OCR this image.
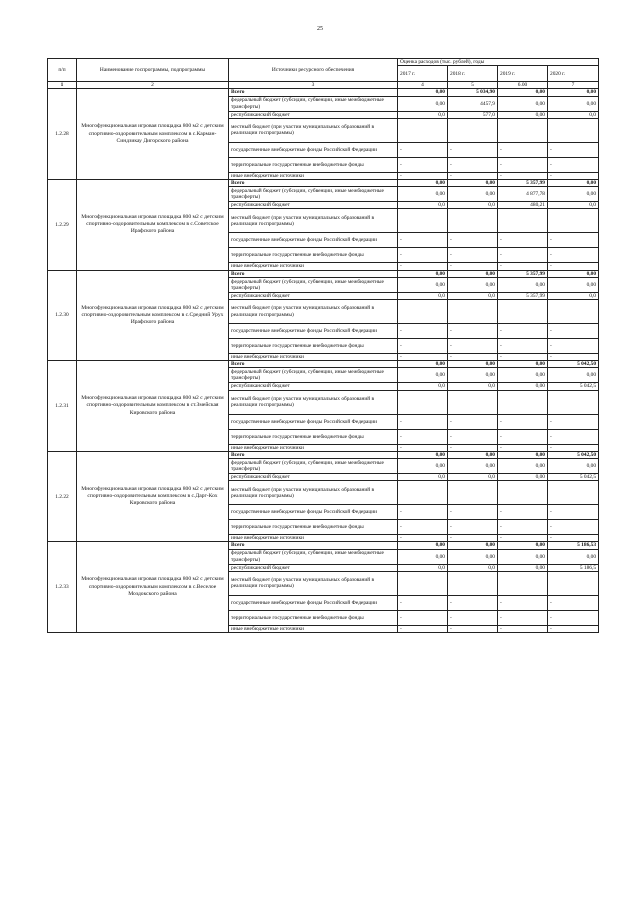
25
п/п	Наименование госпрограммы, подпрограммы	Источники ресурсного обеспечения	Оценка расходов (тыс. рублей), годы			
			2017 г.	2018 г.	2019 г.	2020 г.
1	2	3	4	5	6.00	7
1.2.28	Многофункциональная игровая площадка 800 м2 с детским спортивно-оздоровительным комплексом в с.Карман-Синдзикау Дигорского района	Всего	0,00	5 034,90	0,00	0,00
		федеральный бюджет (субсидии, субвенции, иные межбюджетные трансферты)	0,00	4457,9	0,00	0,00
		республиканский бюджет	0,0	577,0	0,00	0,0
		местный бюджет (при участии муниципальных образований в реализации госпрограммы)				
		государственные внебюджетные фонды Российской Федерации	-	-	-	-
		территориальные государственные внебюджетные фонды	-	-	-	-
		иные внебюджетные источники	-	-	-	-
1.2.29	Многофункциональная игровая площадка 800 м2 с детским спортивно-оздоровительным комплексом в с.Советское Ирафского района	Всего	0,00	0,00	5 357,99	0,00
		федеральный бюджет (субсидии, субвенции, иные межбюджетные трансферты)	0,00	0,00	4 877,78	0,00
		республиканский бюджет	0,0	0,0	480,21	0,0
		местный бюджет (при участии муниципальных образований в реализации госпрограммы)				
		государственные внебюджетные фонды Российской Федерации	-	-	-	-
		территориальные государственные внебюджетные фонды	-	-	-	-
		иные внебюджетные источники	-	-	-	-
1.2.30	Многофункциональная игровая площадка 800 м2 с детским спортивно-оздоровительным комплексом в с.Средний Урух Ирафского района	Всего	0,00	0,00	5 357,99	0,00
		федеральный бюджет (субсидии, субвенции, иные межбюджетные трансферты)	0,00	0,00	0,00	0,00
		республиканский бюджет	0,0	0,0	5 357,99	0,0
		местный бюджет (при участии муниципальных образований в реализации госпрограммы)				
		государственные внебюджетные фонды Российской Федерации	-	-	-	-
		территориальные государственные внебюджетные фонды	-	-	-	-
		иные внебюджетные источники	-	-	-	-
1.2.31	Многофункциональная игровая площадка 800 м2 с детским спортивно-оздоровительным комплексом в ст.Змейская Кировского района	Всего	0,00	0,00	0,00	5 042,50
		федеральный бюджет (субсидии, субвенции, иные межбюджетные трансферты)	0,00	0,00	0,00	0,00
		республиканский бюджет	0,0	0,0	0,00	5 042,5
		местный бюджет (при участии муниципальных образований в реализации госпрограммы)				
		государственные внебюджетные фонды Российской Федерации	-	-	-	-
		территориальные государственные внебюджетные фонды	-	-	-	-
		иные внебюджетные источники	-	-	-	-
1.2.22	Многофункциональная игровая площадка 800 м2 с детским спортивно-оздоровительным комплексом в с.Дарг-Кох Кировского района	Всего	0,00	0,00	0,00	5 042,50
		федеральный бюджет (субсидии, субвенции, иные межбюджетные трансферты)	0,00	0,00	0,00	0,00
		республиканский бюджет	0,0	0,0	0,00	5 042,5
		местный бюджет (при участии муниципальных образований в реализации госпрограммы)				
		государственные внебюджетные фонды Российской Федерации	-	-	-	-
		территориальные государственные внебюджетные фонды	-	-	-	-
		иные внебюджетные источники	-	-	-	-
1.2.33	Многофункциональная игровая площадка 800 м2 с детским спортивно-оздоровительным комплексом в с.Веселое Моздокского района	Всего	0,00	0,00	0,00	5 186,53
		федеральный бюджет (субсидии, субвенции, иные межбюджетные трансферты)	0,00	0,00	0,00	0,00
		республиканский бюджет	0,0	0,0	0,00	5 186,5
		местный бюджет (при участии муниципальных образований в реализации госпрограммы)				
		государственные внебюджетные фонды Российской Федерации	-	-	-	-
		территориальные государственные внебюджетные фонды	-	-	-	-
		иные внебюджетные источники	-	-	-	-
